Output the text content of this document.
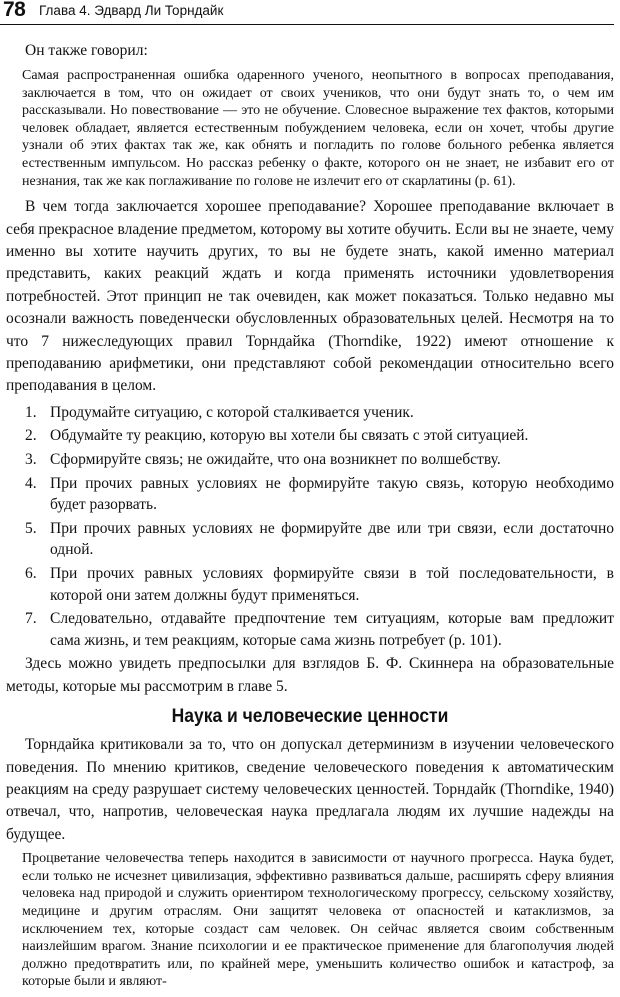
78 Глава 4. Эдвард Ли Торндайк

Он также говорил:

Самая распространенная ошибка одаренного ученого, неопытного в вопросах преподавания, заключается в том, что он ожидает от своих учеников, что они будут знать то, о чем им рассказывали. Но повествование — это не обучение. Словесное выражение тех фактов, которыми человек обладает, является естественным побуждением человека, если он хочет, чтобы другие узнали об этих фактах так же, как обнять и погладить по голове больного ребенка является естественным импульсом. Но рассказ ребенку о факте, которого он не знает, не избавит его от незнания, так же как поглаживание по голове не излечит его от скарлатины (p. 61).

В чем тогда заключается хорошее преподавание? Хорошее преподавание включает в себя прекрасное владение предметом, которому вы хотите обучить. Если вы не знаете, чему именно вы хотите научить других, то вы не будете знать, какой именно материал представить, каких реакций ждать и когда применять источники удовлетворения потребностей. Этот принцип не так очевиден, как может показаться. Только недавно мы осознали важность поведенчески обусловленных образовательных целей. Несмотря на то что 7 нижеследующих правил Торндайка (Thorndike, 1922) имеют отношение к преподаванию арифметики, они представляют собой рекомендации относительно всего преподавания в целом.

1. Продумайте ситуацию, с которой сталкивается ученик.
2. Обдумайте ту реакцию, которую вы хотели бы связать с этой ситуацией.
3. Сформируйте связь; не ожидайте, что она возникнет по волшебству.
4. При прочих равных условиях не формируйте такую связь, которую необходимо будет разорвать.
5. При прочих равных условиях не формируйте две или три связи, если достаточно одной.
6. При прочих равных условиях формируйте связи в той последовательности, в которой они затем должны будут применяться.
7. Следовательно, отдавайте предпочтение тем ситуациям, которые вам предложит сама жизнь, и тем реакциям, которые сама жизнь потребует (p. 101).

Здесь можно увидеть предпосылки для взглядов Б. Ф. Скиннера на образовательные методы, которые мы рассмотрим в главе 5.

Наука и человеческие ценности

Торндайка критиковали за то, что он допускал детерминизм в изучении человеческого поведения. По мнению критиков, сведение человеческого поведения к автоматическим реакциям на среду разрушает систему человеческих ценностей. Торндайк (Thorndike, 1940) отвечал, что, напротив, человеческая наука предлагала людям их лучшие надежды на будущее.

Процветание человечества теперь находится в зависимости от научного прогресса. Наука будет, если только не исчезнет цивилизация, эффективно развиваться дальше, расширять сферу влияния человека над природой и служить ориентиром технологическому прогрессу, сельскому хозяйству, медицине и другим отраслям. Они защитят человека от опасностей и катаклизмов, за исключением тех, которые создаст сам человек. Он сейчас является своим собственным наизлейшим врагом. Знание психологии и ее практическое применение для благополучия людей должно предотвратить или, по крайней мере, уменьшить количество ошибок и катастроф, за которые были и являют-
